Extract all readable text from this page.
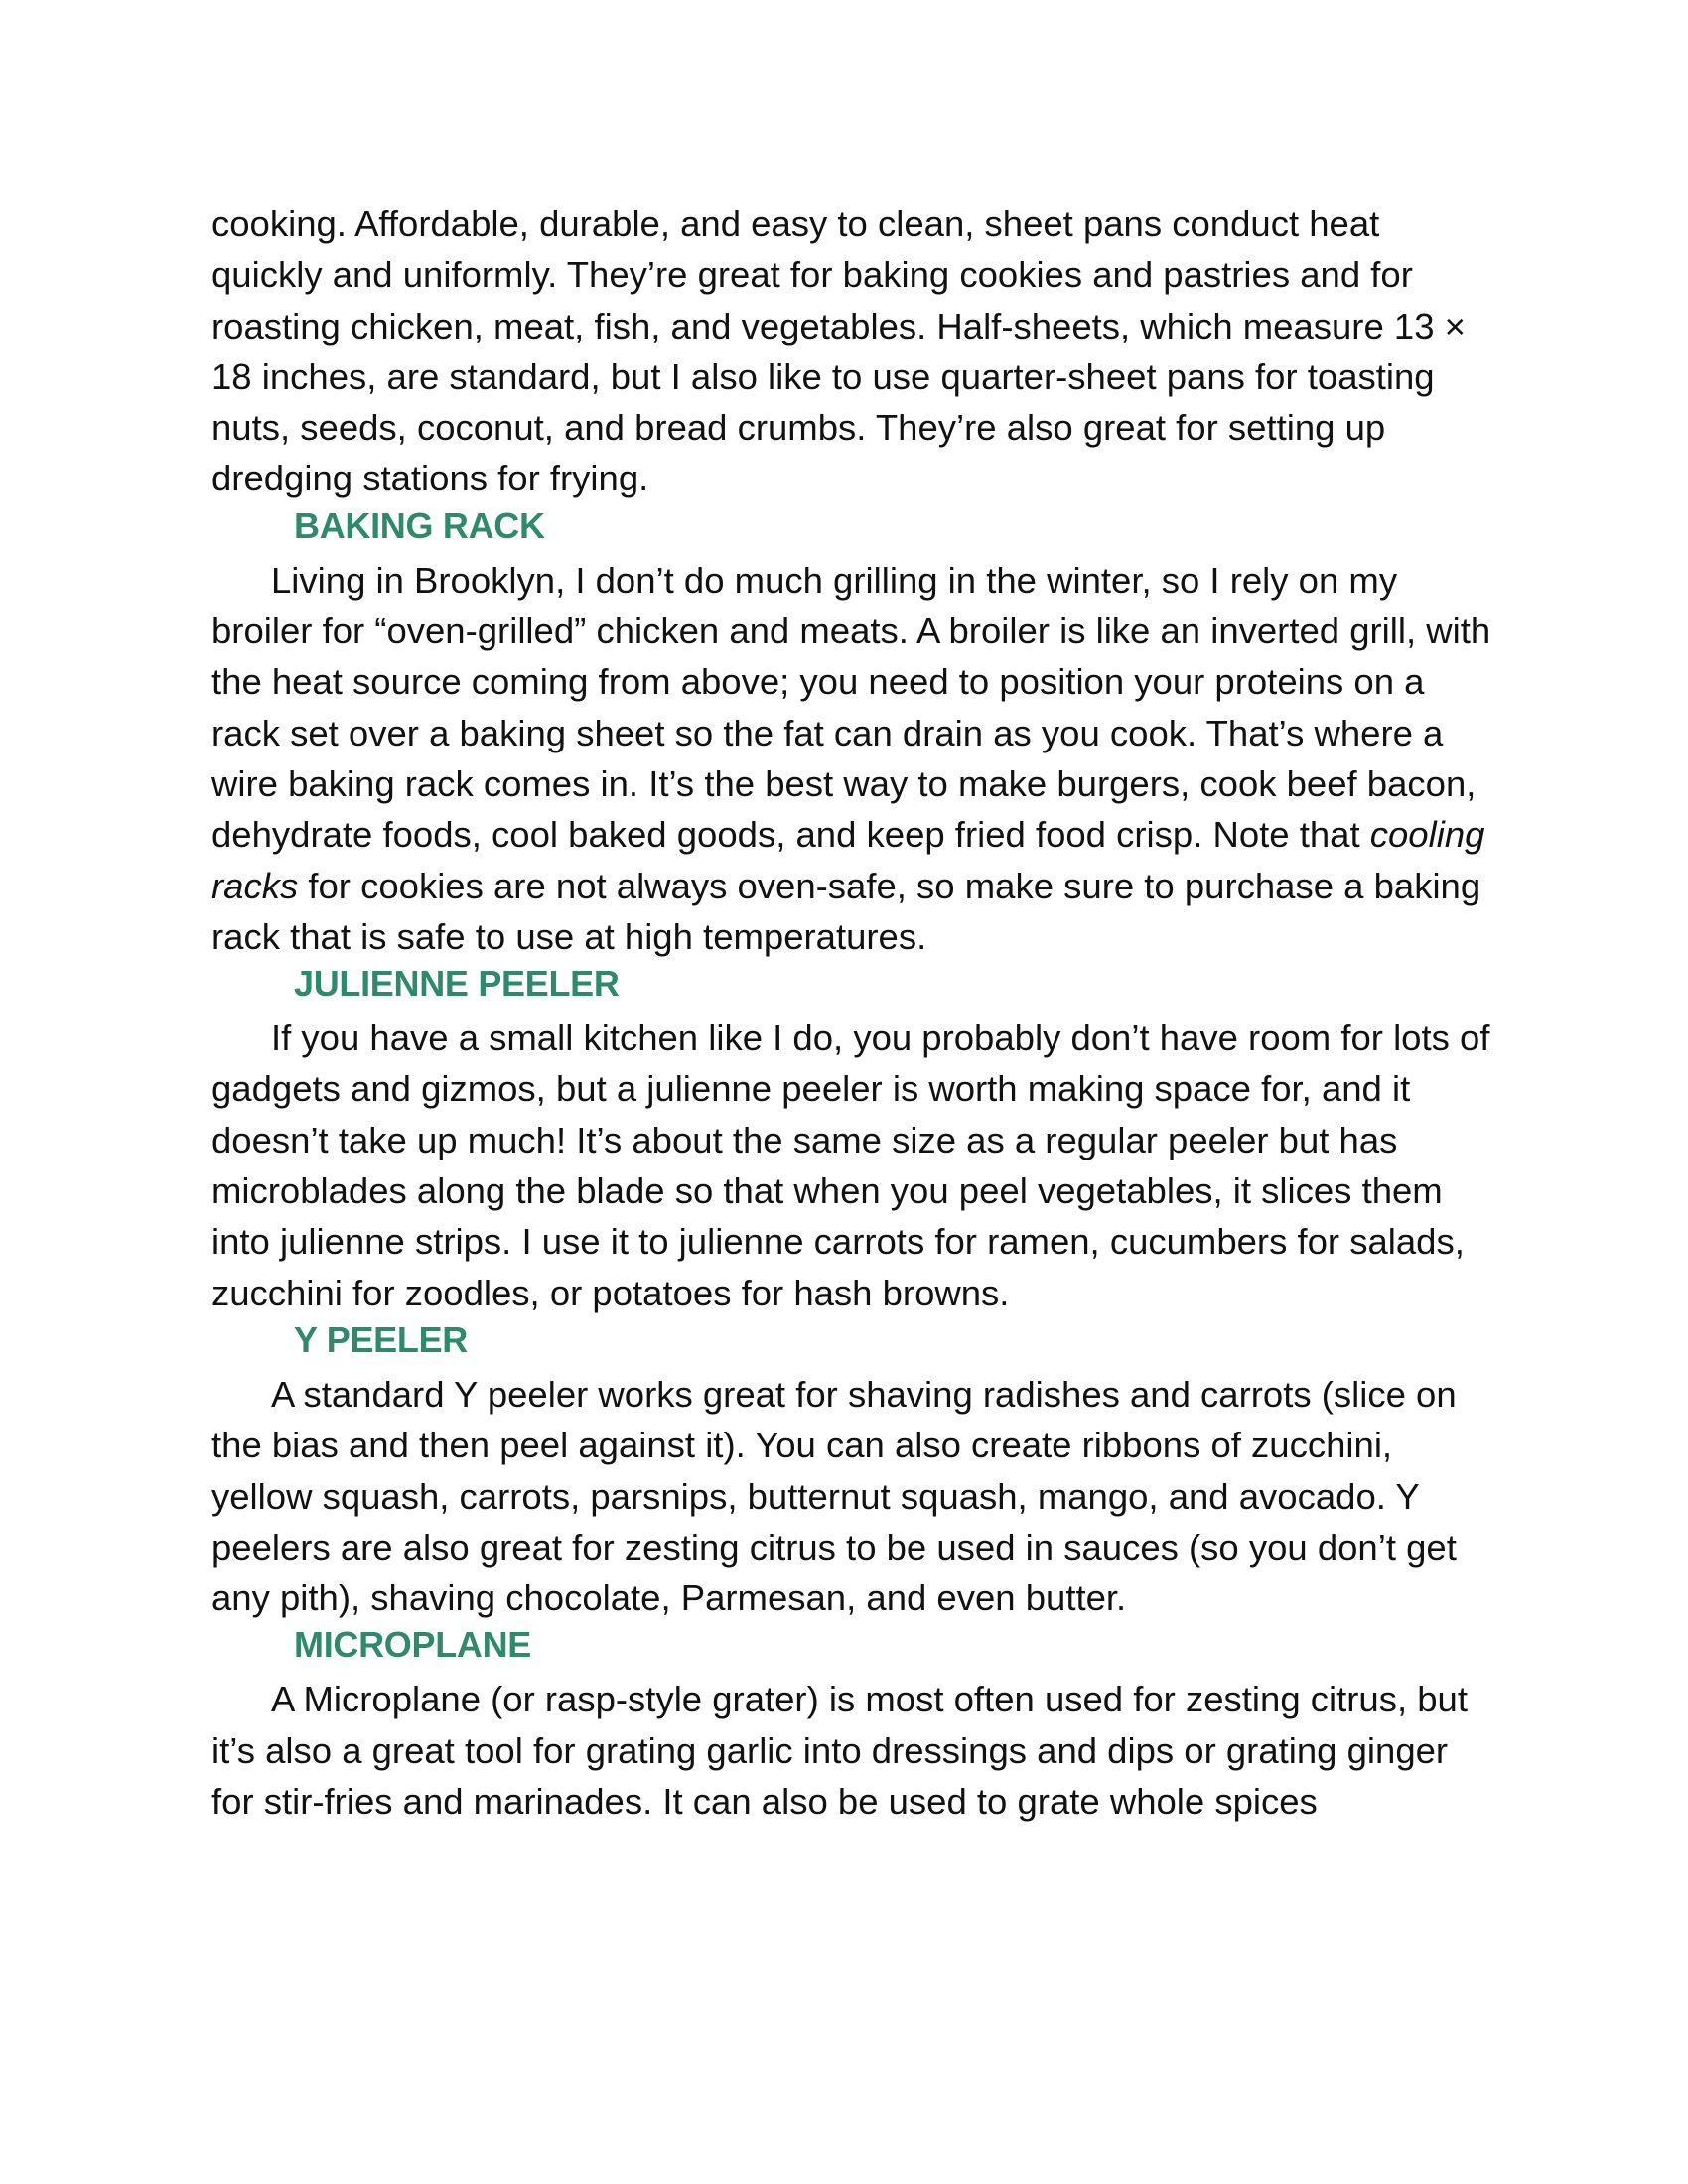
cooking. Affordable, durable, and easy to clean, sheet pans conduct heat quickly and uniformly. They’re great for baking cookies and pastries and for roasting chicken, meat, fish, and vegetables. Half-sheets, which measure 13 × 18 inches, are standard, but I also like to use quarter-sheet pans for toasting nuts, seeds, coconut, and bread crumbs. They’re also great for setting up dredging stations for frying.

BAKING RACK

Living in Brooklyn, I don’t do much grilling in the winter, so I rely on my broiler for “oven-grilled” chicken and meats. A broiler is like an inverted grill, with the heat source coming from above; you need to position your proteins on a rack set over a baking sheet so the fat can drain as you cook. That’s where a wire baking rack comes in. It’s the best way to make burgers, cook beef bacon, dehydrate foods, cool baked goods, and keep fried food crisp. Note that cooling racks for cookies are not always oven-safe, so make sure to purchase a baking rack that is safe to use at high temperatures.

JULIENNE PEELER

If you have a small kitchen like I do, you probably don’t have room for lots of gadgets and gizmos, but a julienne peeler is worth making space for, and it doesn’t take up much! It’s about the same size as a regular peeler but has microblades along the blade so that when you peel vegetables, it slices them into julienne strips. I use it to julienne carrots for ramen, cucumbers for salads, zucchini for zoodles, or potatoes for hash browns.

Y PEELER

A standard Y peeler works great for shaving radishes and carrots (slice on the bias and then peel against it). You can also create ribbons of zucchini, yellow squash, carrots, parsnips, butternut squash, mango, and avocado. Y peelers are also great for zesting citrus to be used in sauces (so you don’t get any pith), shaving chocolate, Parmesan, and even butter.

MICROPLANE

A Microplane (or rasp-style grater) is most often used for zesting citrus, but it’s also a great tool for grating garlic into dressings and dips or grating ginger for stir-fries and marinades. It can also be used to grate whole spices
